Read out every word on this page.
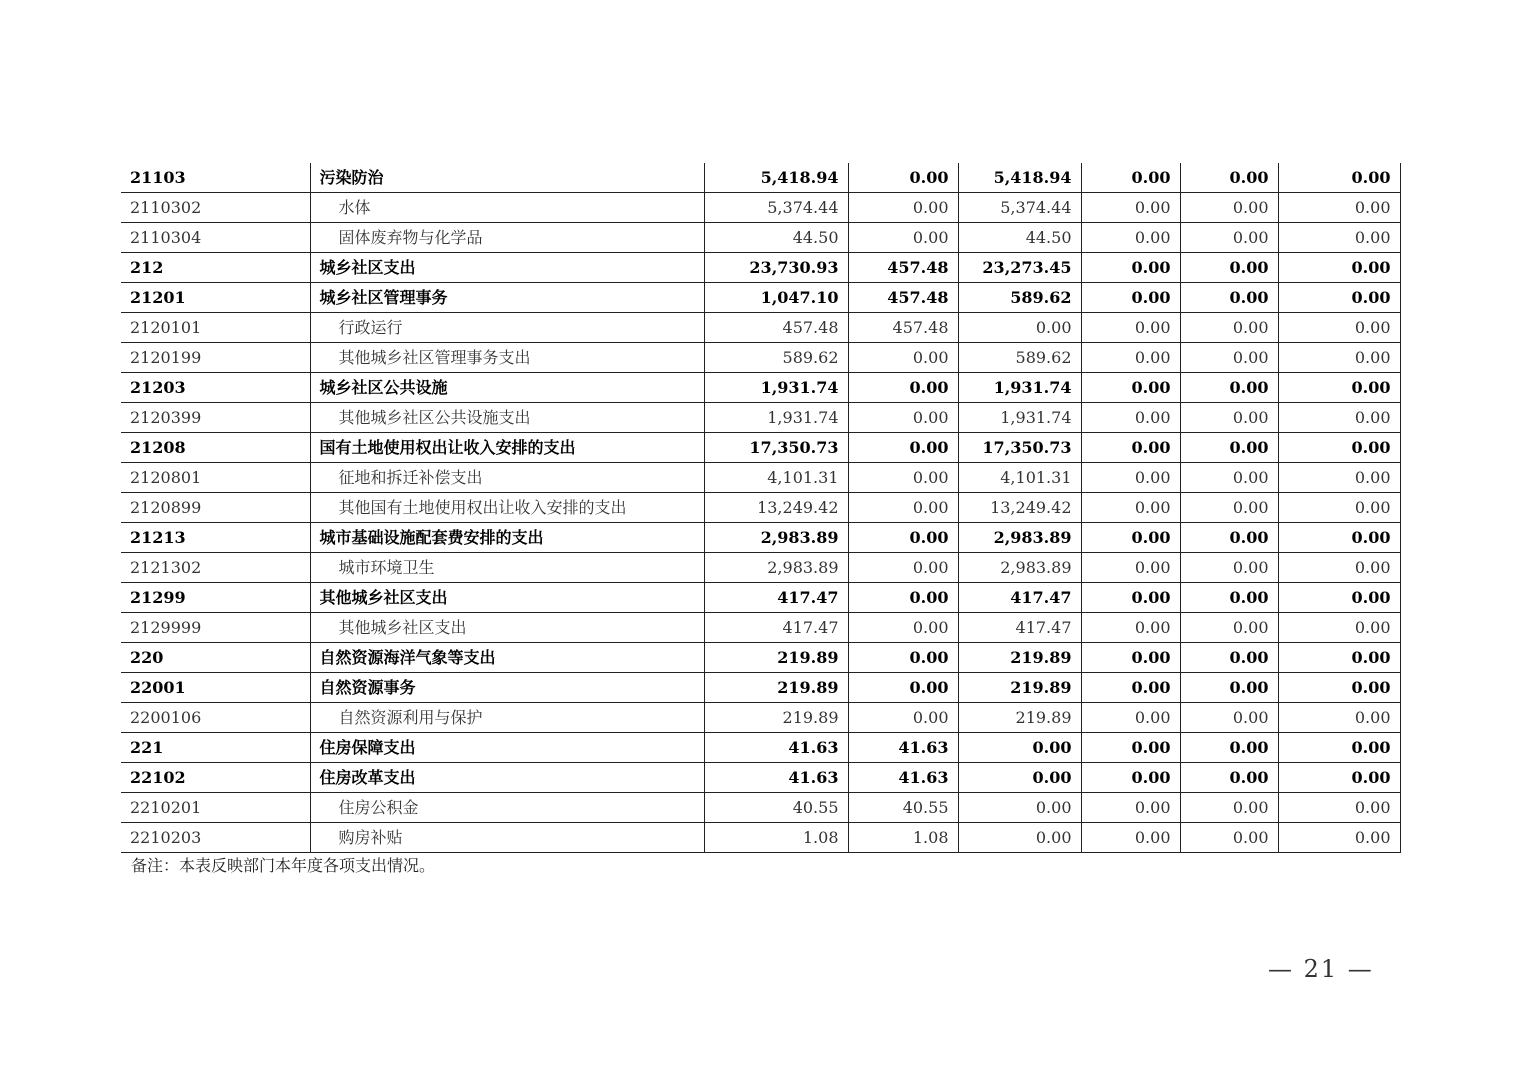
21103	污染防治	5,418.94	0.00	5,418.94	0.00	0.00	0.00
2110302	水体	5,374.44	0.00	5,374.44	0.00	0.00	0.00
2110304	固体废弃物与化学品	44.50	0.00	44.50	0.00	0.00	0.00
212	城乡社区支出	23,730.93	457.48	23,273.45	0.00	0.00	0.00
21201	城乡社区管理事务	1,047.10	457.48	589.62	0.00	0.00	0.00
2120101	行政运行	457.48	457.48	0.00	0.00	0.00	0.00
2120199	其他城乡社区管理事务支出	589.62	0.00	589.62	0.00	0.00	0.00
21203	城乡社区公共设施	1,931.74	0.00	1,931.74	0.00	0.00	0.00
2120399	其他城乡社区公共设施支出	1,931.74	0.00	1,931.74	0.00	0.00	0.00
21208	国有土地使用权出让收入安排的支出	17,350.73	0.00	17,350.73	0.00	0.00	0.00
2120801	征地和拆迁补偿支出	4,101.31	0.00	4,101.31	0.00	0.00	0.00
2120899	其他国有土地使用权出让收入安排的支出	13,249.42	0.00	13,249.42	0.00	0.00	0.00
21213	城市基础设施配套费安排的支出	2,983.89	0.00	2,983.89	0.00	0.00	0.00
2121302	城市环境卫生	2,983.89	0.00	2,983.89	0.00	0.00	0.00
21299	其他城乡社区支出	417.47	0.00	417.47	0.00	0.00	0.00
2129999	其他城乡社区支出	417.47	0.00	417.47	0.00	0.00	0.00
220	自然资源海洋气象等支出	219.89	0.00	219.89	0.00	0.00	0.00
22001	自然资源事务	219.89	0.00	219.89	0.00	0.00	0.00
2200106	自然资源利用与保护	219.89	0.00	219.89	0.00	0.00	0.00
221	住房保障支出	41.63	41.63	0.00	0.00	0.00	0.00
22102	住房改革支出	41.63	41.63	0.00	0.00	0.00	0.00
2210201	住房公积金	40.55	40.55	0.00	0.00	0.00	0.00
2210203	购房补贴	1.08	1.08	0.00	0.00	0.00	0.00
备注：本表反映部门本年度各项支出情况。
— 21 —
